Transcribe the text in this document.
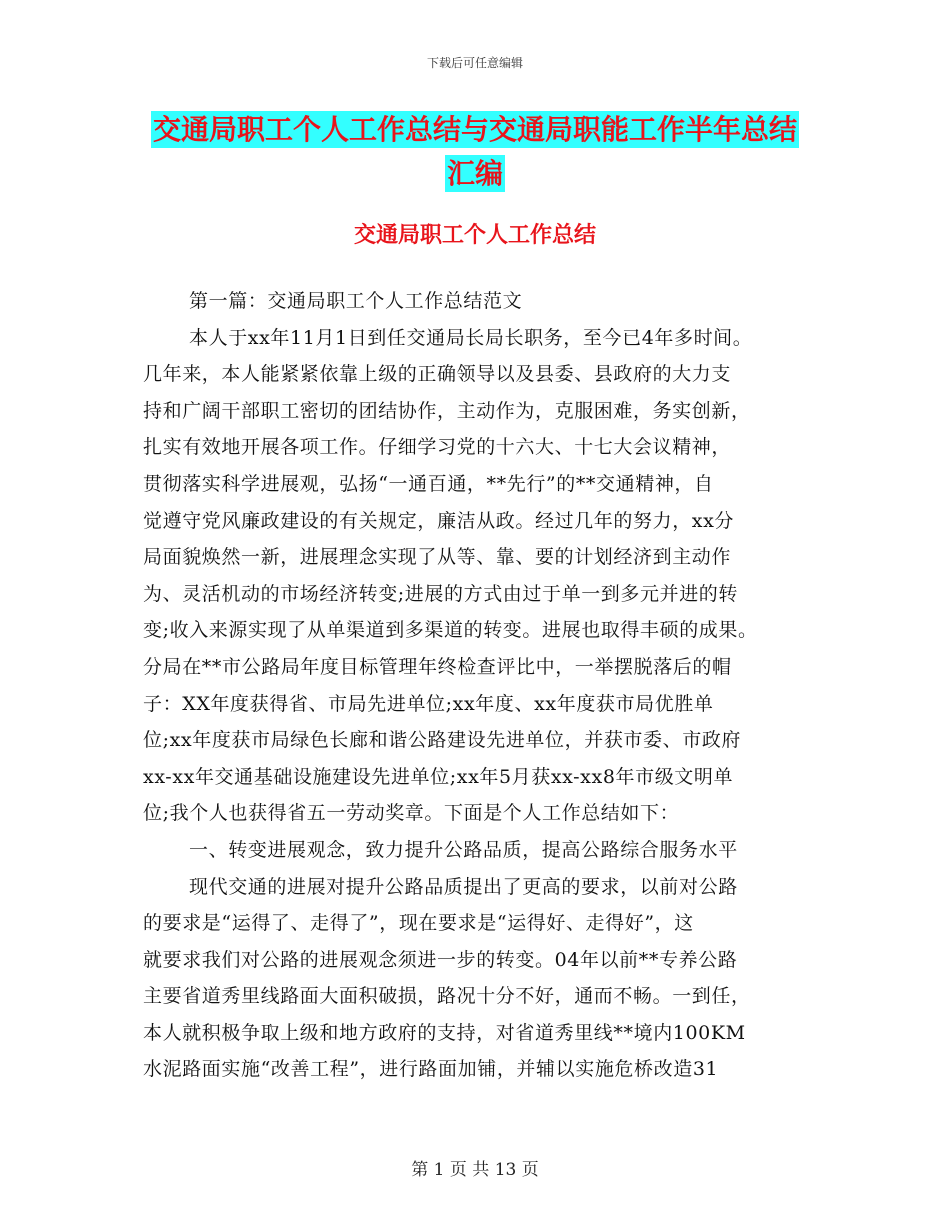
下载后可任意编辑
交通局职工个人工作总结与交通局职能工作半年总结
汇编
交通局职工个人工作总结
第一篇：交通局职工个人工作总结范文
本人于xx年11月1日到任交通局长局长职务，至今已4年多时间。
几年来，本人能紧紧依靠上级的正确领导以及县委、县政府的大力支
持和广阔干部职工密切的团结协作，主动作为，克服困难，务实创新，
扎实有效地开展各项工作。仔细学习党的十六大、十七大会议精神，
贯彻落实科学进展观，弘扬“一通百通，**先行”的**交通精神，自
觉遵守党风廉政建设的有关规定，廉洁从政。经过几年的努力，xx分
局面貌焕然一新，进展理念实现了从等、靠、要的计划经济到主动作
为、灵活机动的市场经济转变;进展的方式由过于单一到多元并进的转
变;收入来源实现了从单渠道到多渠道的转变。进展也取得丰硕的成果。
分局在**市公路局年度目标管理年终检查评比中，一举摆脱落后的帽
子：XX年度获得省、市局先进单位;xx年度、xx年度获市局优胜单
位;xx年度获市局绿色长廊和谐公路建设先进单位，并获市委、市政府
xx-xx年交通基础设施建设先进单位;xx年5月获xx-xx8年市级文明单
位;我个人也获得省五一劳动奖章。下面是个人工作总结如下：
一、转变进展观念，致力提升公路品质，提高公路综合服务水平
现代交通的进展对提升公路品质提出了更高的要求，以前对公路
的要求是“运得了、走得了”，现在要求是“运得好、走得好”，这
就要求我们对公路的进展观念须进一步的转变。04年以前**专养公路
主要省道秀里线路面大面积破损，路况十分不好，通而不畅。一到任，
本人就积极争取上级和地方政府的支持，对省道秀里线**境内100KM
水泥路面实施“改善工程”，进行路面加铺，并辅以实施危桥改造31
第 1 页 共 13 页
